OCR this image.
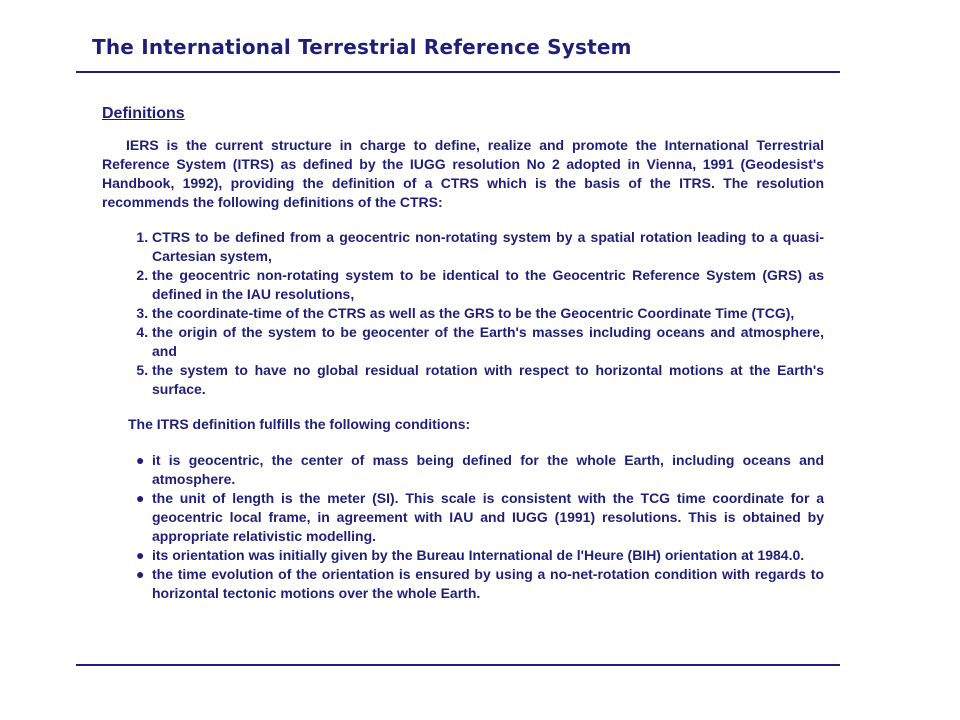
The International Terrestrial Reference System
Definitions

IERS is the current structure in charge to define, realize and promote the International Terrestrial Reference System (ITRS) as defined by the IUGG resolution No 2 adopted in Vienna, 1991 (Geodesist's Handbook, 1992), providing the definition of a CTRS which is the basis of the ITRS. The resolution recommends the following definitions of the CTRS:

1. CTRS to be defined from a geocentric non-rotating system by a spatial rotation leading to a quasi-Cartesian system,
2. the geocentric non-rotating system to be identical to the Geocentric Reference System (GRS) as defined in the IAU resolutions,
3. the coordinate-time of the CTRS as well as the GRS to be the Geocentric Coordinate Time (TCG),
4. the origin of the system to be geocenter of the Earth's masses including oceans and atmosphere, and
5. the system to have no global residual rotation with respect to horizontal motions at the Earth's surface.

The ITRS definition fulfills the following conditions:

● it is geocentric, the center of mass being defined for the whole Earth, including oceans and atmosphere.
● the unit of length is the meter (SI). This scale is consistent with the TCG time coordinate for a geocentric local frame, in agreement with IAU and IUGG (1991) resolutions. This is obtained by appropriate relativistic modelling.
● its orientation was initially given by the Bureau International de l'Heure (BIH) orientation at 1984.0.
● the time evolution of the orientation is ensured by using a no-net-rotation condition with regards to horizontal tectonic motions over the whole Earth.
